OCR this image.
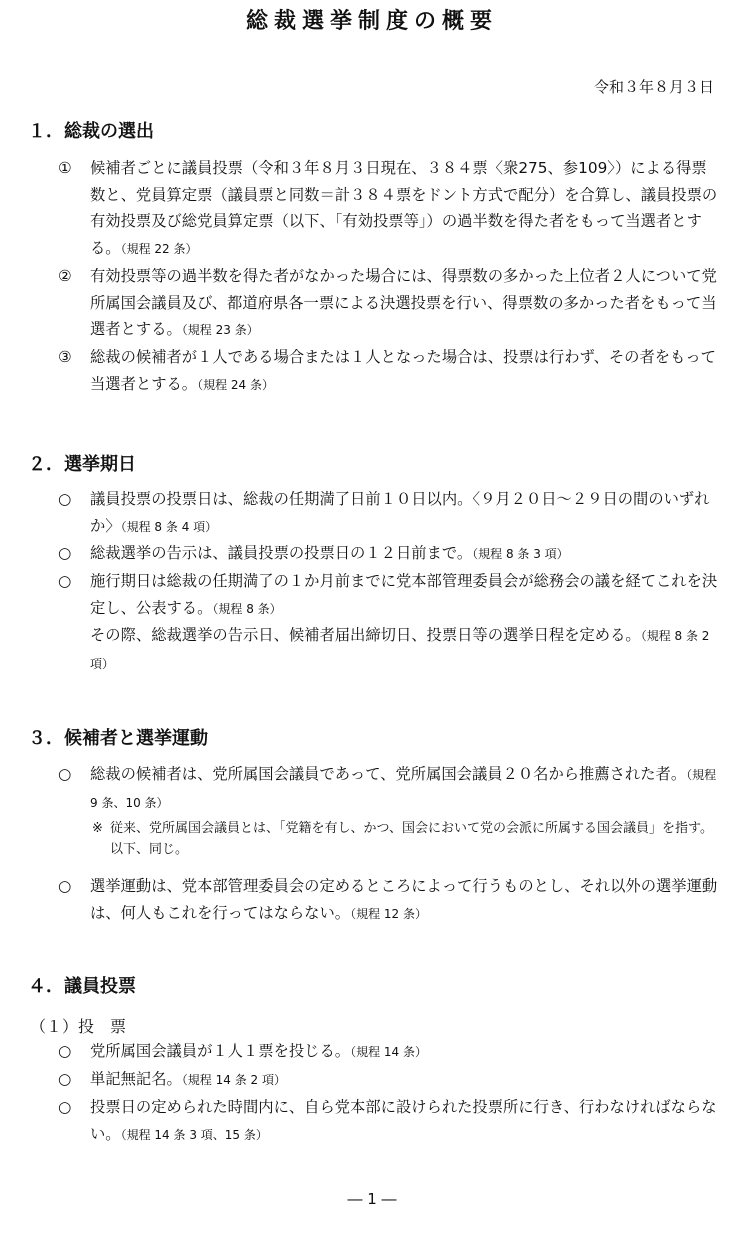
総裁選挙制度の概要
令和３年８月３日
１．総裁の選出
①	候補者ごとに議員投票（令和３年８月３日現在、３８４票〈衆275、参109〉）による得票数と、党員算定票（議員票と同数＝計３８４票をドント方式で配分）を合算し、議員投票の有効投票及び総党員算定票（以下、「有効投票等」）の過半数を得た者をもって当選者とする。（規程 22 条）
②	有効投票等の過半数を得た者がなかった場合には、得票数の多かった上位者２人について党所属国会議員及び、都道府県各一票による決選投票を行い、得票数の多かった者をもって当選者とする。（規程 23 条）
③	総裁の候補者が１人である場合または１人となった場合は、投票は行わず、その者をもって当選者とする。（規程 24 条）
２．選挙期日
○	議員投票の投票日は、総裁の任期満了日前１０日以内。〈９月２０日～２９日の間のいずれか〉（規程 8 条 4 項）
○	総裁選挙の告示は、議員投票の投票日の１２日前まで。（規程 8 条 3 項）
○	施行期日は総裁の任期満了の１か月前までに党本部管理委員会が総務会の議を経てこれを決定し、公表する。（規程 8 条）
その際、総裁選挙の告示日、候補者届出締切日、投票日等の選挙日程を定める。（規程 8 条 2 項）
３．候補者と選挙運動
○	総裁の候補者は、党所属国会議員であって、党所属国会議員２０名から推薦された者。（規程 9 条、10 条）
※ 従来、党所属国会議員とは、「党籍を有し、かつ、国会において党の会派に所属する国会議員」を指す。以下、同じ。
○	選挙運動は、党本部管理委員会の定めるところによって行うものとし、それ以外の選挙運動は、何人もこれを行ってはならない。（規程 12 条）
４．議員投票
（１）投　票
○	党所属国会議員が１人１票を投じる。（規程 14 条）
○	単記無記名。（規程 14 条 2 項）
○	投票日の定められた時間内に、自ら党本部に設けられた投票所に行き、行わなければならない。（規程 14 条 3 項、15 条）
― 1 ―
